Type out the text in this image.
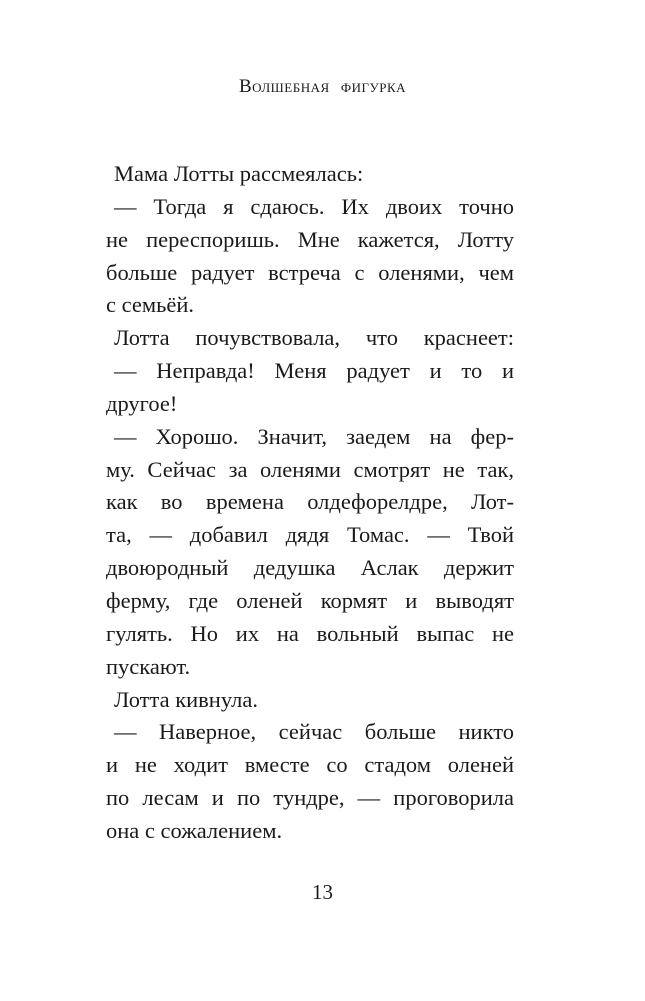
Волшебная фигурка
Мама Лотты рассмеялась:
— Тогда я сдаюсь. Их двоих точно
не переспоришь. Мне кажется, Лотту
больше радует встреча с оленями, чем
с семьёй.
Лотта почувствовала, что краснеет:
— Неправда! Меня радует и то и
другое!
— Хорошо. Значит, заедем на фер-
му. Сейчас за оленями смотрят не так,
как во времена олдефорелдре, Лот-
та, — добавил дядя Томас. — Твой
двоюродный дедушка Аслак держит
ферму, где оленей кормят и выводят
гулять. Но их на вольный выпас не
пускают.
Лотта кивнула.
— Наверное, сейчас больше никто
и не ходит вместе со стадом оленей
по лесам и по тундре, — проговорила
она с сожалением.
13
